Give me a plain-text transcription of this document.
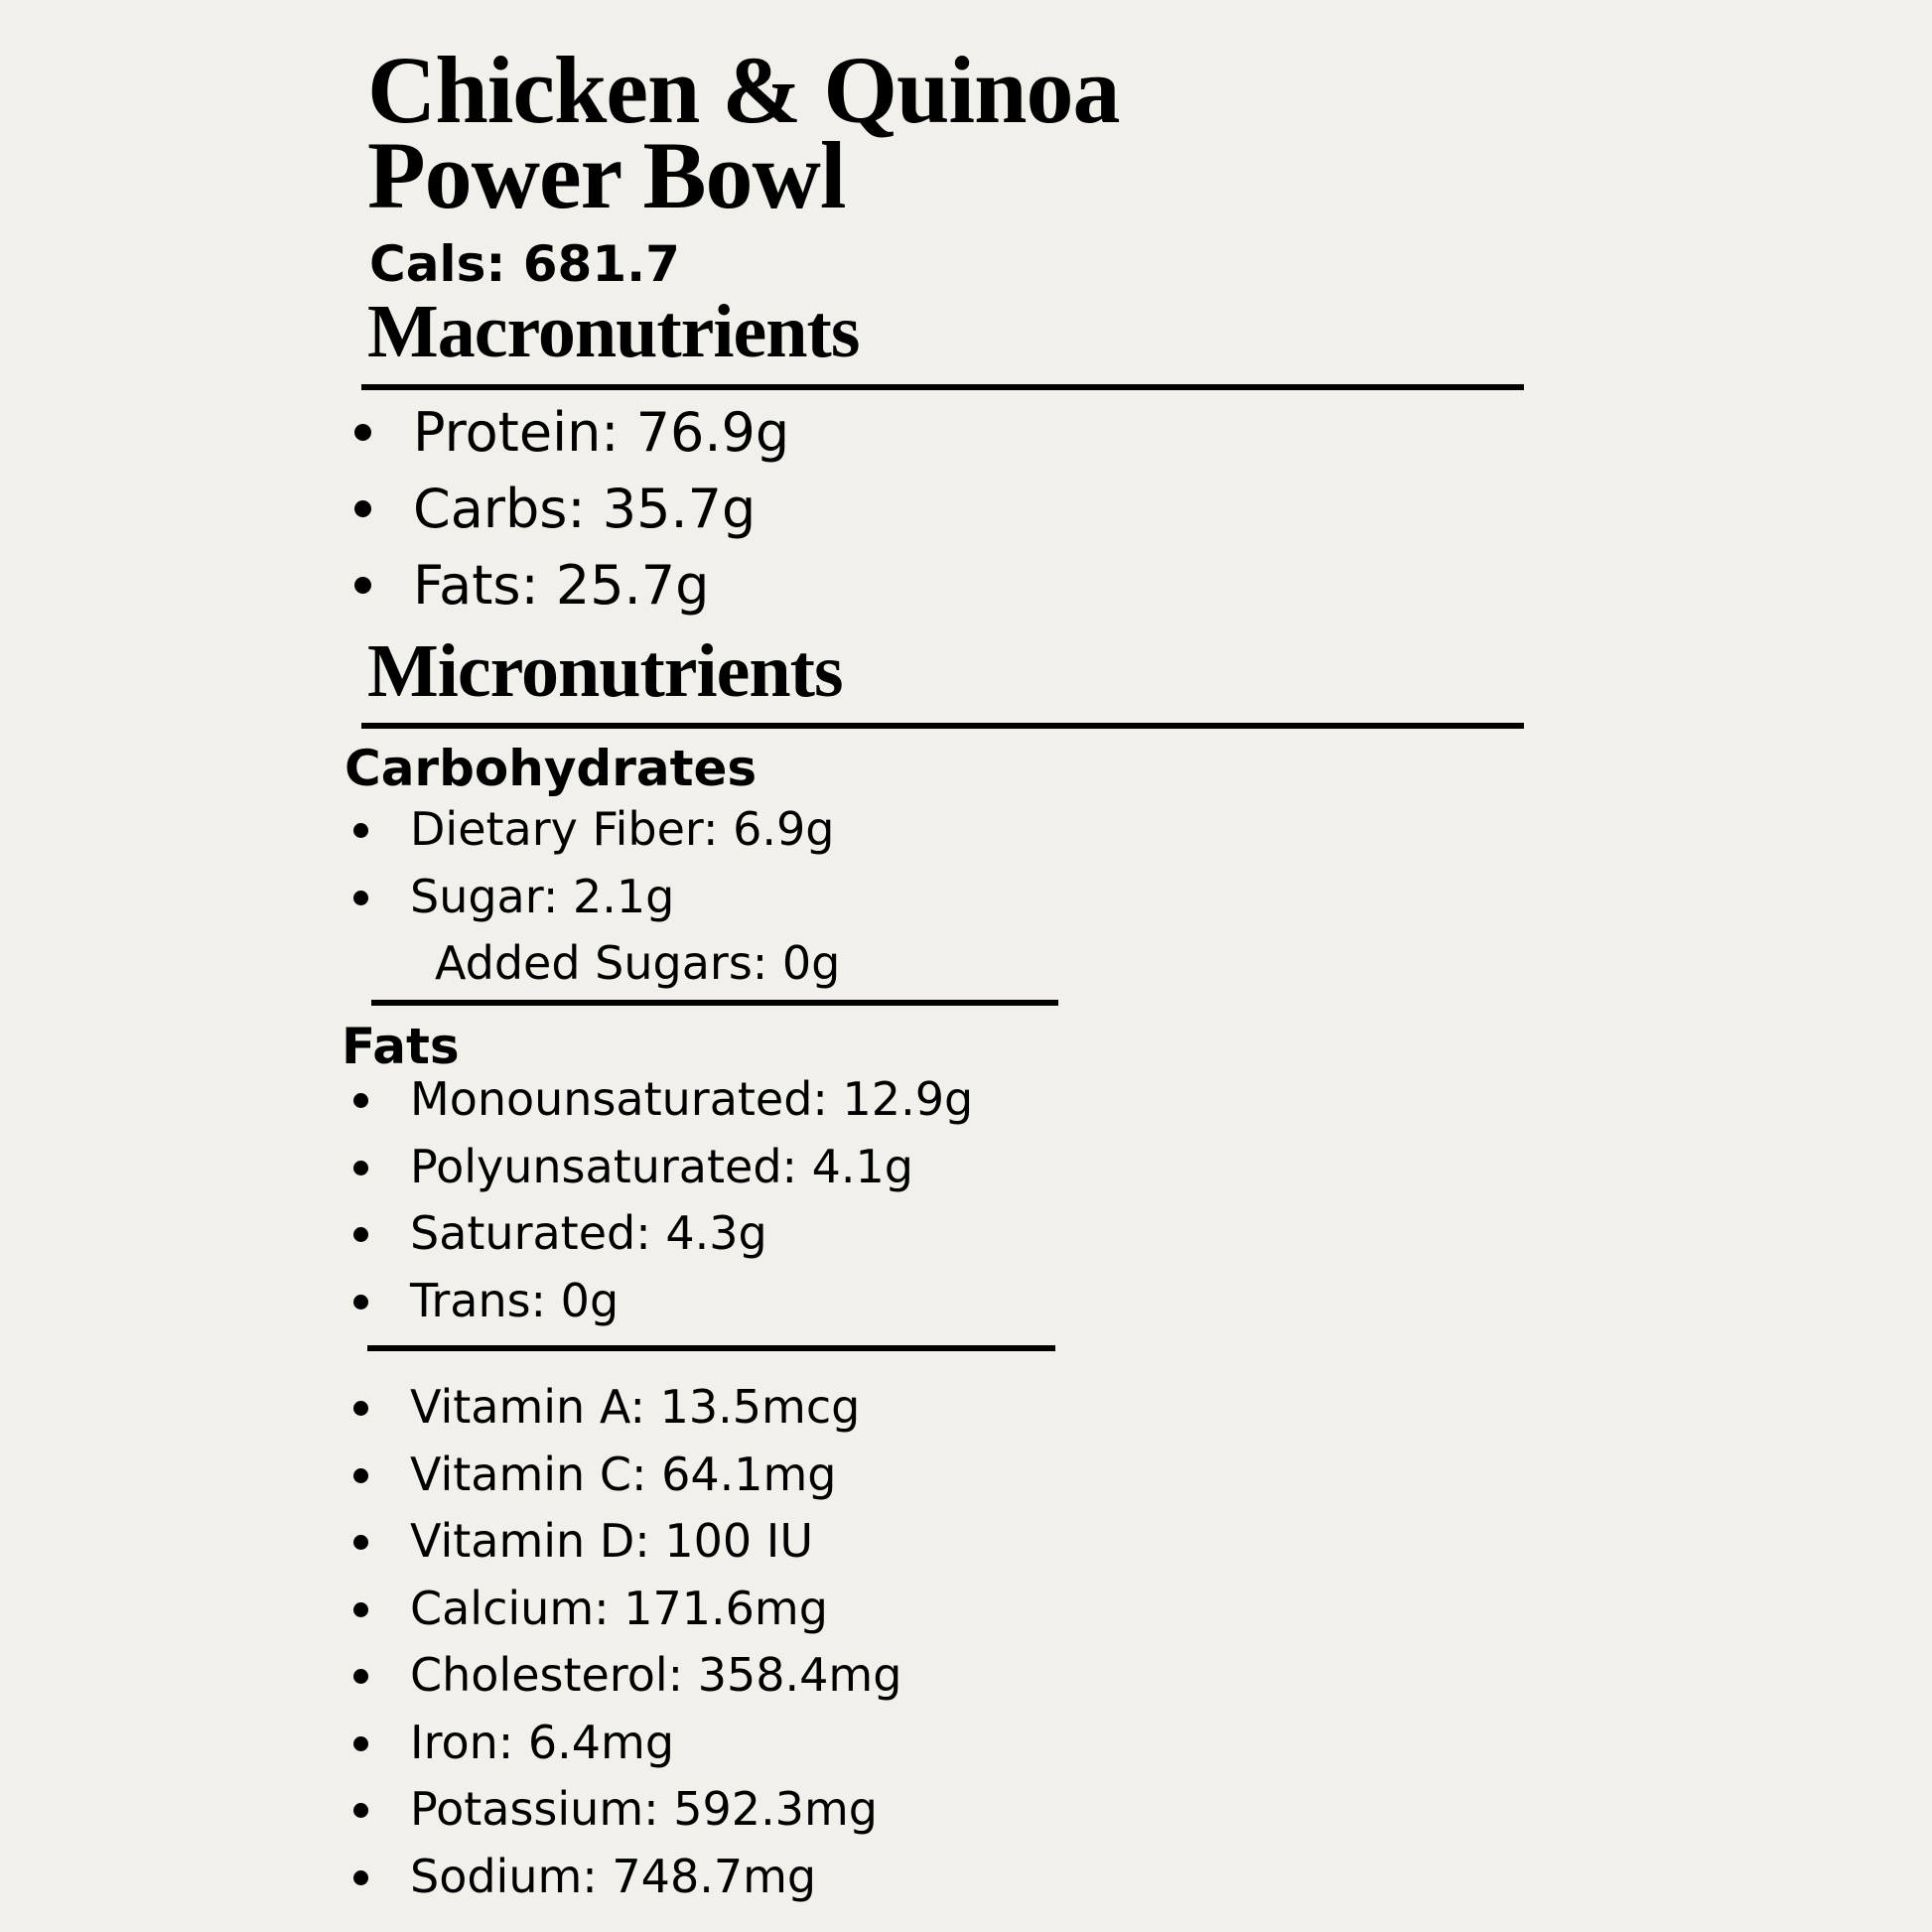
Chicken & Quinoa
Power Bowl
Cals: 681.7
Macronutrients
Protein: 76.9g
Carbs: 35.7g
Fats: 25.7g
Micronutrients
Carbohydrates
Dietary Fiber: 6.9g
Sugar: 2.1g
Added Sugars: 0g
Fats
Monounsaturated: 12.9g
Polyunsaturated: 4.1g
Saturated: 4.3g
Trans: 0g
Vitamin A: 13.5mcg
Vitamin C: 64.1mg
Vitamin D: 100 IU
Calcium: 171.6mg
Cholesterol: 358.4mg
Iron: 6.4mg
Potassium: 592.3mg
Sodium: 748.7mg
